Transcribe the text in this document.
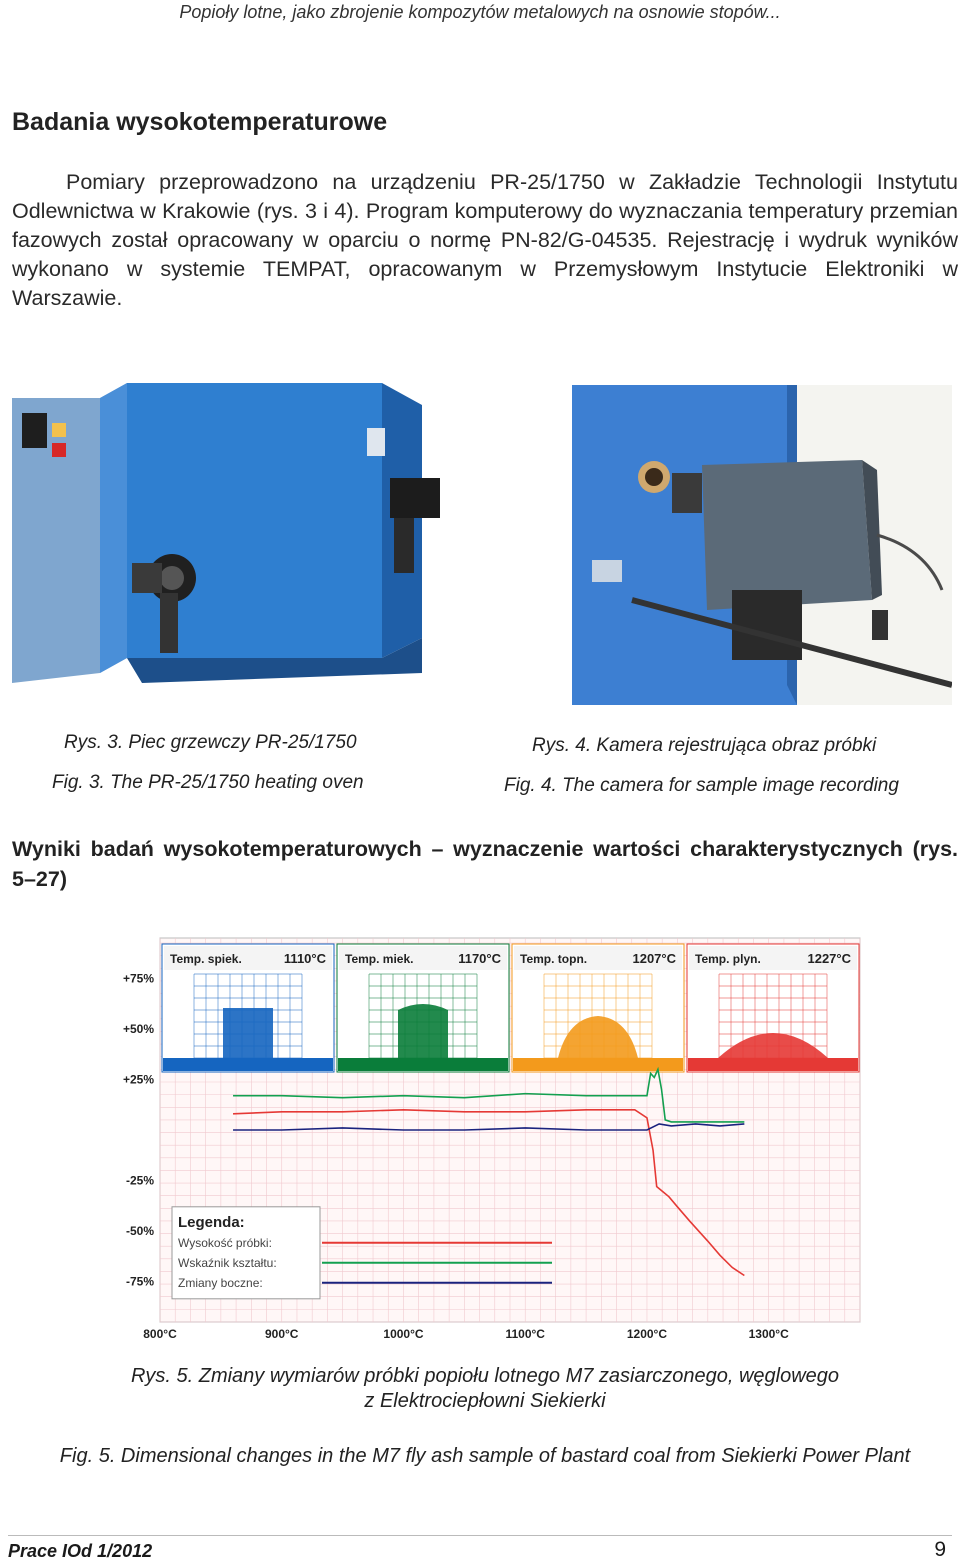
Popioły lotne, jako zbrojenie kompozytów metalowych na osnowie stopów...
Badania wysokotemperaturowe
Pomiary przeprowadzono na urządzeniu PR-25/1750 w Zakładzie Technologii Instytutu Odlewnictwa w Krakowie (rys. 3 i 4). Program komputerowy do wyznaczania temperatury przemian fazowych został opracowany w oparciu o normę PN-82/G-04535. Rejestrację i wydruk wyników wykonano w systemie TEMPAT, opracowanym w Przemysłowym Instytucie Elektroniki w Warszawie.
Rys. 3. Piec grzewczy PR-25/1750
Fig. 3. The PR-25/1750 heating oven
Rys. 4. Kamera rejestrująca obraz próbki
Fig. 4. The camera for sample image recording
Wyniki badań wysokotemperaturowych – wyznaczenie wartości charakterystycznych (rys. 5–27)
+75%
+50%
+25%
-25%
-50%
-75%
800°C	900°C	1000°C	1100°C	1200°C	1300°C
Temp. spiek.	1110°C Temp. miek.	1170°C Temp. topn.	1207°C Temp. plyn.	1227°C
Legenda:
Wysokość próbki:
Wskaźnik kształtu:
Zmiany boczne:
Rys. 5. Zmiany wymiarów próbki popiołu lotnego M7 zasiarczonego, węglowego
z Elektrociepłowni Siekierki
Fig. 5. Dimensional changes in the M7 fly ash sample of bastard coal from Siekierki Power Plant
Prace IOd 1/2012	9
